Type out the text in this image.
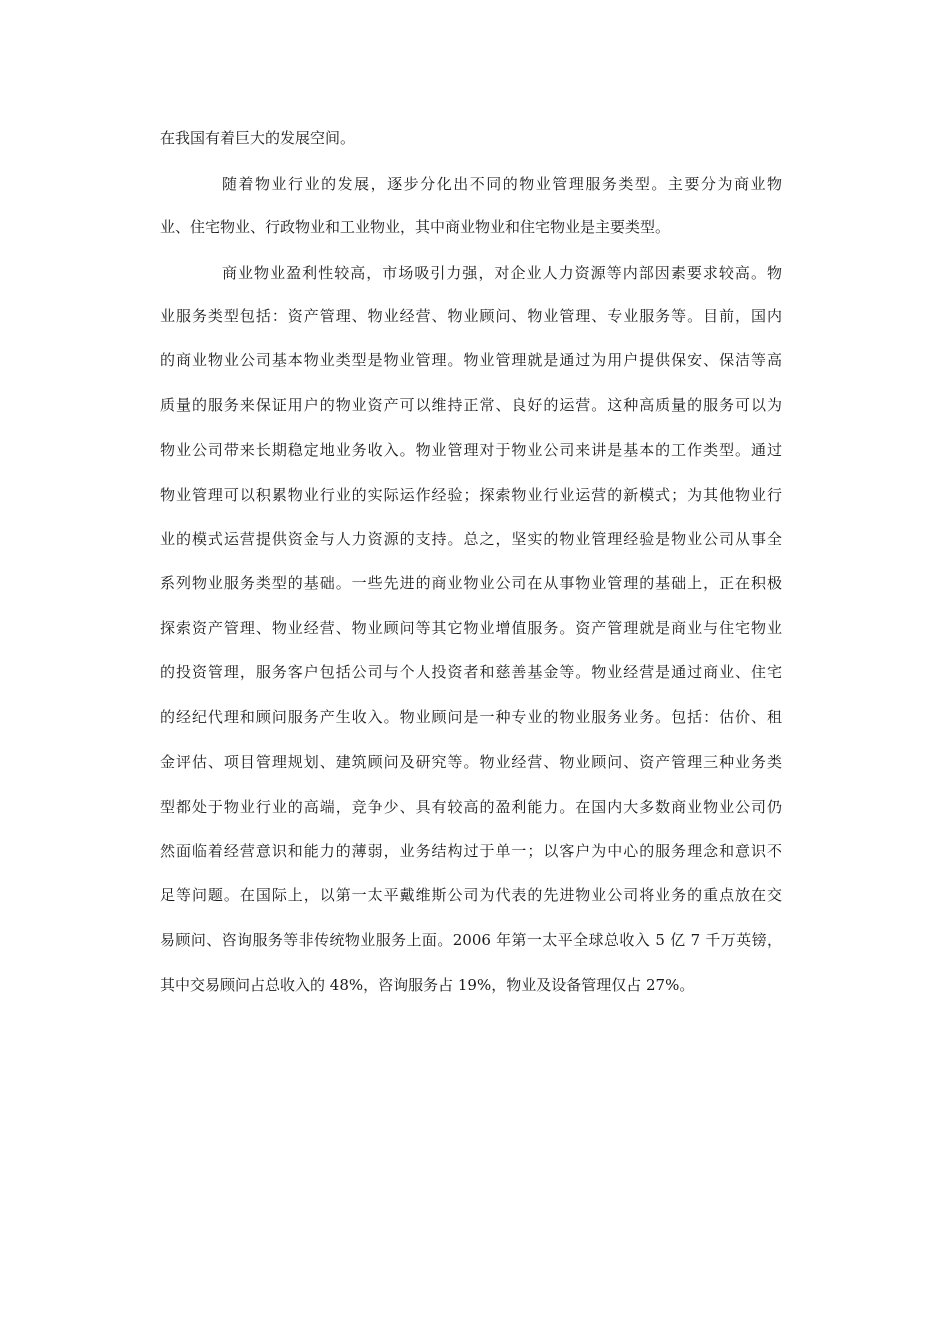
在我国有着巨大的发展空间。
随着物业行业的发展，逐步分化出不同的物业管理服务类型。主要分为商业物
业、住宅物业、行政物业和工业物业，其中商业物业和住宅物业是主要类型。
商业物业盈利性较高，市场吸引力强，对企业人力资源等内部因素要求较高。物
业服务类型包括：资产管理、物业经营、物业顾问、物业管理、专业服务等。目前，国内
的商业物业公司基本物业类型是物业管理。物业管理就是通过为用户提供保安、保洁等高
质量的服务来保证用户的物业资产可以维持正常、良好的运营。这种高质量的服务可以为
物业公司带来长期稳定地业务收入。物业管理对于物业公司来讲是基本的工作类型。通过
物业管理可以积累物业行业的实际运作经验；探索物业行业运营的新模式；为其他物业行
业的模式运营提供资金与人力资源的支持。总之，坚实的物业管理经验是物业公司从事全
系列物业服务类型的基础。一些先进的商业物业公司在从事物业管理的基础上，正在积极
探索资产管理、物业经营、物业顾问等其它物业增值服务。资产管理就是商业与住宅物业
的投资管理，服务客户包括公司与个人投资者和慈善基金等。物业经营是通过商业、住宅
的经纪代理和顾问服务产生收入。物业顾问是一种专业的物业服务业务。包括：估价、租
金评估、项目管理规划、建筑顾问及研究等。物业经营、物业顾问、资产管理三种业务类
型都处于物业行业的高端，竞争少、具有较高的盈利能力。在国内大多数商业物业公司仍
然面临着经营意识和能力的薄弱，业务结构过于单一；以客户为中心的服务理念和意识不
足等问题。在国际上，以第一太平戴维斯公司为代表的先进物业公司将业务的重点放在交
易顾问、咨询服务等非传统物业服务上面。2006 年第一太平全球总收入 5 亿 7 千万英镑，
其中交易顾问占总收入的 48%，咨询服务占 19%，物业及设备管理仅占 27%。
